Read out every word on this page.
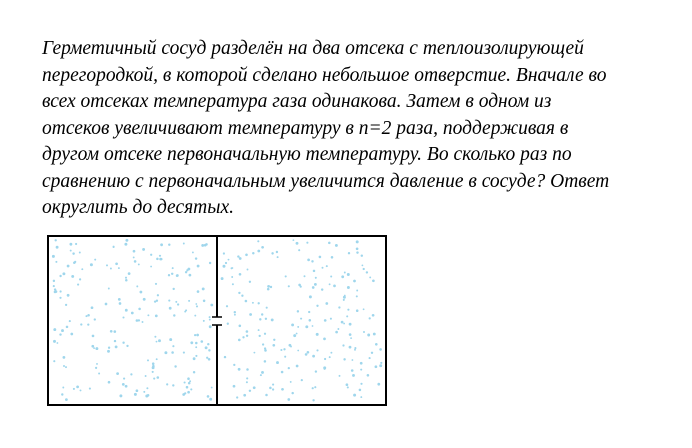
Герметичный сосуд разделён на два отсека с теплоизолирующей
перегородкой, в которой сделано небольшое отверстие. Вначале во
всех отсеках температура газа одинакова. Затем в одном из
отсеков увеличивают температуру в n=2 раза, поддерживая в
другом отсеке первоначальную температуру. Во сколько раз по
сравнению с первоначальным увеличится давление в сосуде? Ответ
округлить до десятых.
